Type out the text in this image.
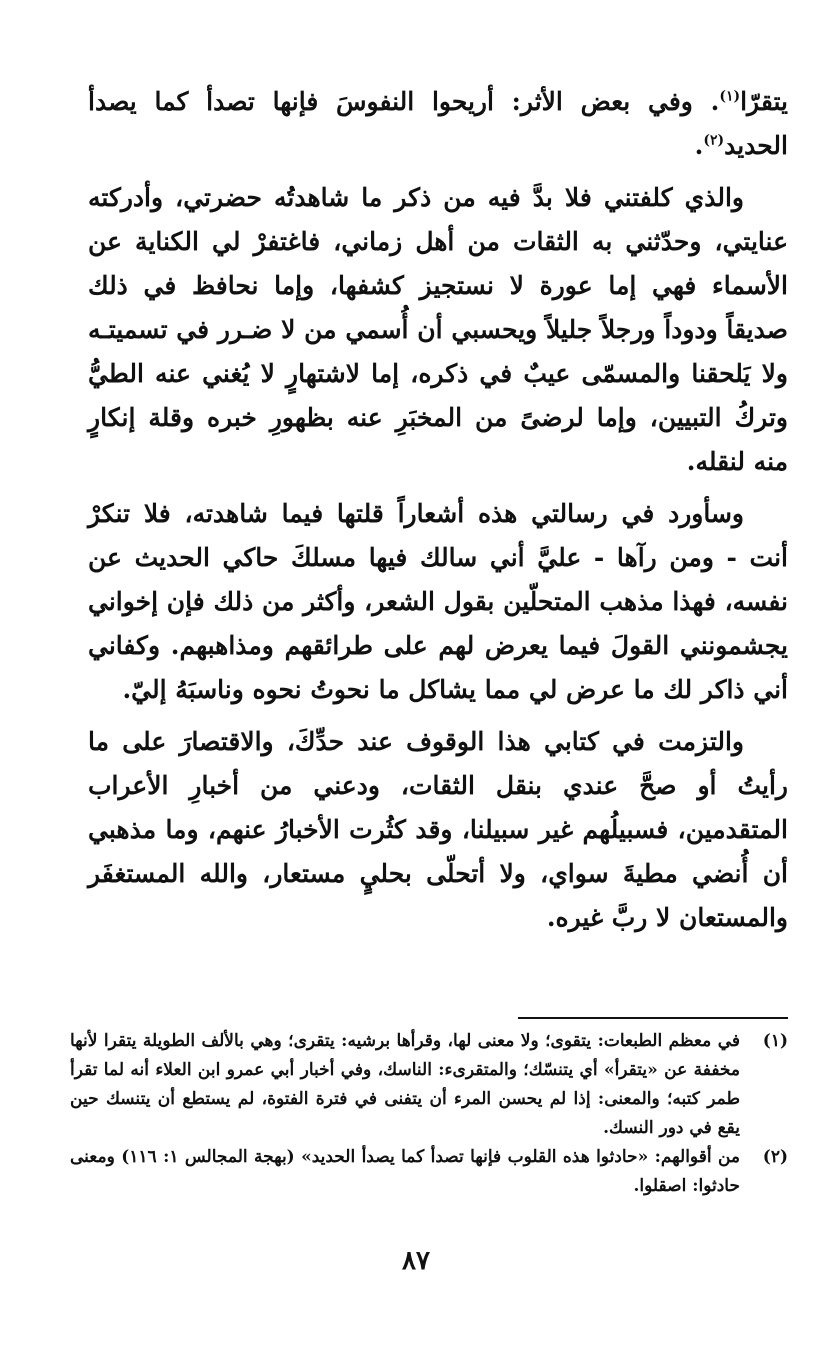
يتقرّا$^{(١)}$. وفي بعض الأثر: أريحوا النفوسَ فإنها تصدأ كما يصدأ الحديد$^{(٢)}$.

والذي كلفتني فلا بدَّ فيه من ذكر ما شاهدتُه حضرتي، وأدركته عنايتي، وحدّثني به الثقات من أهل زماني، فاغتفرْ لي الكناية عن الأسماء فهي إما عورة لا نستجيز كشفها، وإما نحافظ في ذلك صديقاً ودوداً ورجلاً جليلاً ويحسبي أن أُسمي من لا ضـرر في تسميتـه ولا يَلحقنا والمسمّى عيبٌ في ذكره، إما لاشتهارٍ لا يُغني عنه الطيُّ وتركُ التبيين، وإما لرضىً من المخبَرِ عنه بظهورِ خبره وقلة إنكارٍ منه لنقله.

وسأورد في رسالتي هذه أشعاراً قلتها فيما شاهدته، فلا تنكرْ أنت - ومن رآها - عليَّ أني سالك فيها مسلكَ حاكي الحديث عن نفسه، فهذا مذهب المتحلّين بقول الشعر، وأكثر من ذلك فإن إخواني يجشمونني القولَ فيما يعرض لهم على طرائقهم ومذاهبهم. وكفاني أني ذاكر لك ما عرض لي مما يشاكل ما نحوتُ نحوه وناسبَهُ إليّ.

والتزمت في كتابي هذا الوقوف عند حدِّكَ، والاقتصارَ على ما رأيتُ أو صحَّ عندي بنقل الثقات، ودعني من أخبارِ الأعراب المتقدمين، فسبيلُهم غير سبيلنا، وقد كثُرت الأخبارُ عنهم، وما مذهبي أن أُنضي مطيةَ سواي، ولا أتحلّى بحليٍ مستعار، والله المستغفَر والمستعان لا ربَّ غيره.

(١)
في معظم الطبعات: يتقوى؛ ولا معنى لها، وقرأها برشيه: يتقرى؛ وهي بالألف الطويلة يتقرا لأنها مخففة عن «يتقرأ» أي يتنسّك؛ والمتقرىء: الناسك، وفي أخبار أبي عمرو ابن العلاء أنه لما تقرأ طمر كتبه؛ والمعنى: إذا لم يحسن المرء أن يتفنى في فترة الفتوة، لم يستطع أن يتنسك حين يقع في دور النسك.
(٢)
من أقوالهم: «حادثوا هذه القلوب فإنها تصدأ كما يصدأ الحديد» (بهجة المجالس ١: ١١٦) ومعنى حادثوا: اصقلوا.
٨٧
